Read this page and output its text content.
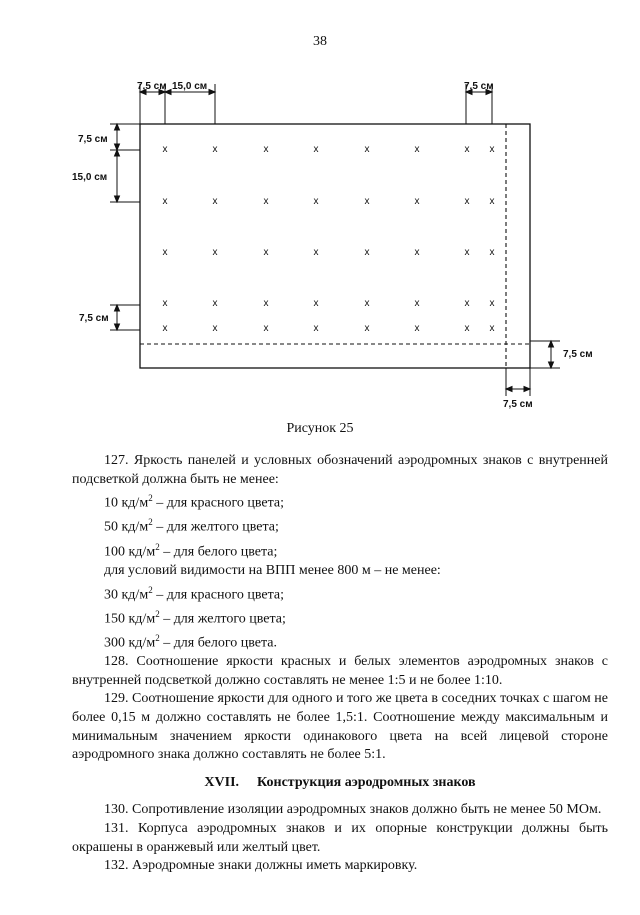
38
x	x	x	x	x	x	x x
x	x	x	x	x	x	x x
x	x	x	x	x	x	x x
x	x	x	x	x	x	x x
x	x	x	x	x	x	x x
7,5 см 15,0 см	7,5 см
7,5 см
15,0 см
7,5 см
7,5 см
7,5 см
Рисунок 25

127. Яркость панелей и условных обозначений аэродромных знаков с внутренней подсветкой должна быть не менее:

10 $кд/м^2$ – для красного цвета;

50 $кд/м^2$ – для желтого цвета;

100 $кд/м^2$ – для белого цвета;

для условий видимости на ВПП менее 800 м – не менее:

30 $кд/м^2$ – для красного цвета;

150 $кд/м^2$ – для желтого цвета;

300 $кд/м^2$ – для белого цвета.

128. Соотношение яркости красных и белых элементов аэродромных знаков с внутренней подсветкой должно составлять не менее 1:5 и не более 1:10.

129. Соотношение яркости для одного и того же цвета в соседних точках с шагом не более 0,15 м должно составлять не более 1,5:1. Соотношение между максимальным и минимальным значением яркости одинакового цвета на всей лицевой стороне аэродромного знака должно составлять не более 5:1.

XVII. Конструкция аэродромных знаков

130. Сопротивление изоляции аэродромных знаков должно быть не менее 50 МОм.

131. Корпуса аэродромных знаков и их опорные конструкции должны быть окрашены в оранжевый или желтый цвет.

132. Аэродромные знаки должны иметь маркировку.
